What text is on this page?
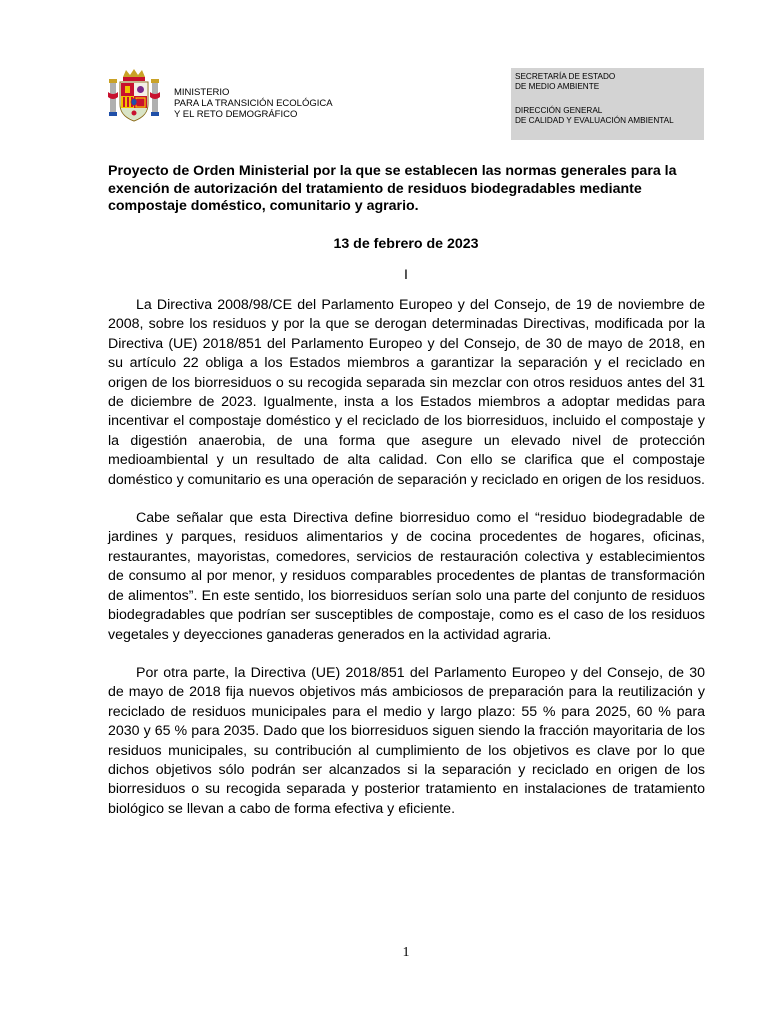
MINISTERIO
PARA LA TRANSICIÓN ECOLÓGICA
Y EL RETO DEMOGRÁFICO
SECRETARÍA DE ESTADO
DE MEDIO AMBIENTE
DIRECCIÓN GENERAL
DE CALIDAD Y EVALUACIÓN AMBIENTAL

Proyecto de Orden Ministerial por la que se establecen las normas generales para la exención de autorización del tratamiento de residuos biodegradables mediante compostaje doméstico, comunitario y agrario.

13 de febrero de 2023
I

La Directiva 2008/98/CE del Parlamento Europeo y del Consejo, de 19 de noviembre de 2008, sobre los residuos y por la que se derogan determinadas Directivas, modificada por la Directiva (UE) 2018/851 del Parlamento Europeo y del Consejo, de 30 de mayo de 2018, en su artículo 22 obliga a los Estados miembros a garantizar la separación y el reciclado en origen de los biorresiduos o su recogida separada sin mezclar con otros residuos antes del 31 de diciembre de 2023. Igualmente, insta a los Estados miembros a adoptar medidas para incentivar el compostaje doméstico y el reciclado de los biorresiduos, incluido el compostaje y la digestión anaerobia, de una forma que asegure un elevado nivel de protección medioambiental y un resultado de alta calidad. Con ello se clarifica que el compostaje doméstico y comunitario es una operación de separación y reciclado en origen de los residuos.

Cabe señalar que esta Directiva define biorresiduo como el “residuo biodegradable de jardines y parques, residuos alimentarios y de cocina procedentes de hogares, oficinas, restaurantes, mayoristas, comedores, servicios de restauración colectiva y establecimientos de consumo al por menor, y residuos comparables procedentes de plantas de transformación de alimentos”. En este sentido, los biorresiduos serían solo una parte del conjunto de residuos biodegradables que podrían ser susceptibles de compostaje, como es el caso de los residuos vegetales y deyecciones ganaderas generados en la actividad agraria.

Por otra parte, la Directiva (UE) 2018/851 del Parlamento Europeo y del Consejo, de 30 de mayo de 2018 fija nuevos objetivos más ambiciosos de preparación para la reutilización y reciclado de residuos municipales para el medio y largo plazo: 55 % para 2025, 60 % para 2030 y 65 % para 2035. Dado que los biorresiduos siguen siendo la fracción mayoritaria de los residuos municipales, su contribución al cumplimiento de los objetivos es clave por lo que dichos objetivos sólo podrán ser alcanzados si la separación y reciclado en origen de los biorresiduos o su recogida separada y posterior tratamiento en instalaciones de tratamiento biológico se llevan a cabo de forma efectiva y eficiente.

1
